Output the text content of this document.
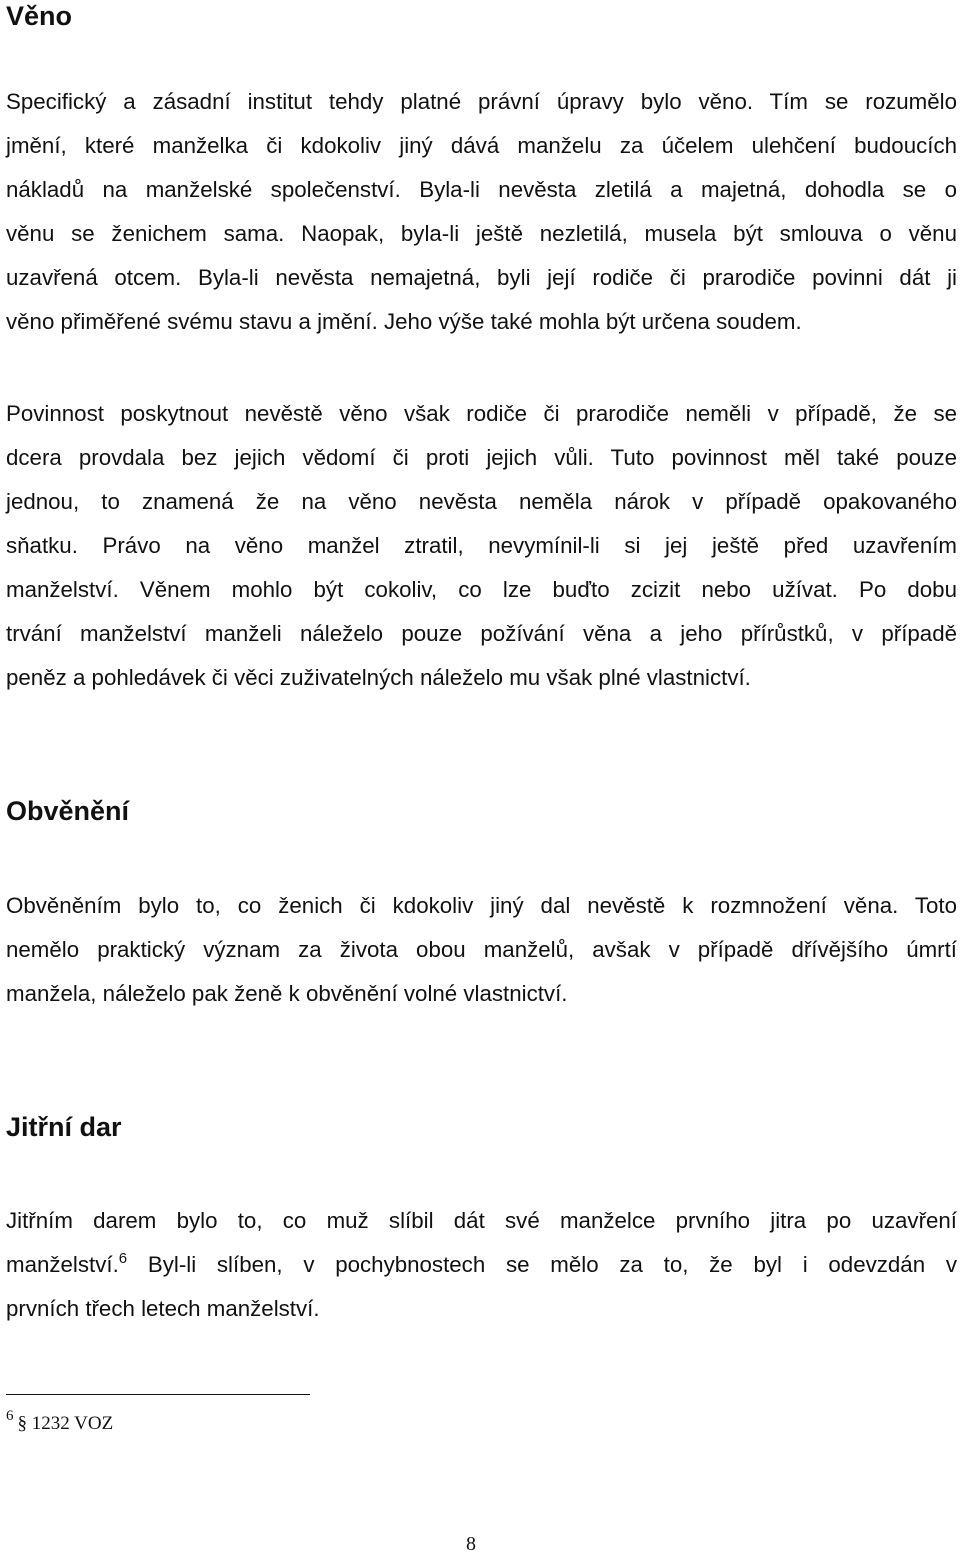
Věno

Specifický a zásadní institut tehdy platné právní úpravy bylo věno. Tím se rozumělo
jmění, které manželka či kdokoliv jiný dává manželu za účelem ulehčení budoucích
nákladů na manželské společenství. Byla-li nevěsta zletilá a majetná, dohodla se o
věnu se ženichem sama. Naopak, byla-li ještě nezletilá, musela být smlouva o věnu
uzavřená otcem. Byla-li nevěsta nemajetná, byli její rodiče či prarodiče povinni dát ji
věno přiměřené svému stavu a jmění. Jeho výše také mohla být určena soudem.

Povinnost poskytnout nevěstě věno však rodiče či prarodiče neměli v případě, že se
dcera provdala bez jejich vědomí či proti jejich vůli. Tuto povinnost měl také pouze
jednou, to znamená že na věno nevěsta neměla nárok v případě opakovaného
sňatku. Právo na věno manžel ztratil, nevymínil-li si jej ještě před uzavřením
manželství. Věnem mohlo být cokoliv, co lze buďto zcizit nebo užívat. Po dobu
trvání manželství manželi náleželo pouze požívání věna a jeho přírůstků, v případě
peněz a pohledávek či věci zuživatelných náleželo mu však plné vlastnictví.

Obvěnění

Obvěněním bylo to, co ženich či kdokoliv jiný dal nevěstě k rozmnožení věna. Toto
nemělo praktický význam za života obou manželů, avšak v případě dřívějšího úmrtí
manžela, náleželo pak ženě k obvěnění volné vlastnictví.

Jitřní dar

Jitřním darem bylo to, co muž slíbil dát své manželce prvního jitra po uzavření
manželství.$^6$ Byl-li slíben, v pochybnostech se mělo za to, že byl i odevzdán v
prvních třech letech manželství.

$^6$ § 1232 VOZ
8
